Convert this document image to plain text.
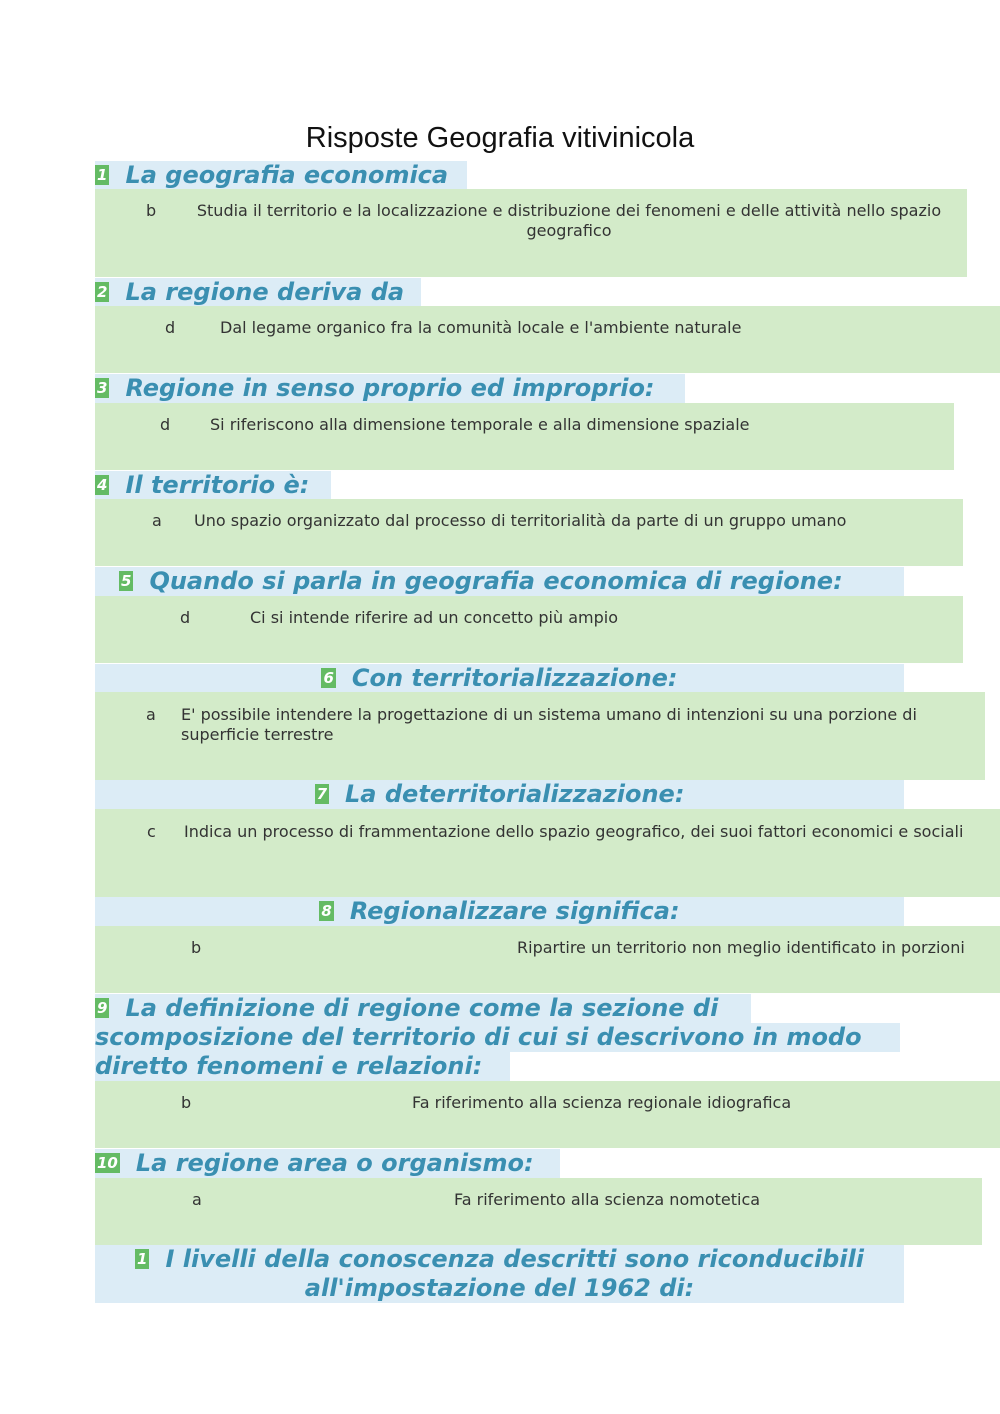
Risposte Geografia vitivinicola
1 La geografia economica
b	Studia il territorio e la localizzazione e distribuzione dei fenomeni e delle attività nello spazio geografico
2 La regione deriva da
d	Dal legame organico fra la comunità locale e l'ambiente naturale
3 Regione in senso proprio ed improprio:
d Si riferiscono alla dimensione temporale e alla dimensione spaziale
4 Il territorio è:
a Uno spazio organizzato dal processo di territorialità da parte di un gruppo umano
5 Quando si parla in geografia economica di regione:
d	Ci si intende riferire ad un concetto più ampio
6 Con territorializzazione:
a E' possibile intendere la progettazione di un sistema umano di intenzioni su una porzione di superficie terrestre
7 La deterritorializzazione:
c Indica un processo di frammentazione dello spazio geografico, dei suoi fattori economici e sociali
8 Regionalizzare significa:
b	Ripartire un territorio non meglio identificato in porzioni
9 La definizione di regione come la sezione di scomposizione del territorio di cui si descrivono in modo diretto fenomeni e relazioni:
b	Fa riferimento alla scienza regionale idiografica
10 La regione area o organismo:
a	Fa riferimento alla scienza nomotetica
1 I livelli della conoscenza descritti sono riconducibili all'impostazione del 1962 di:
